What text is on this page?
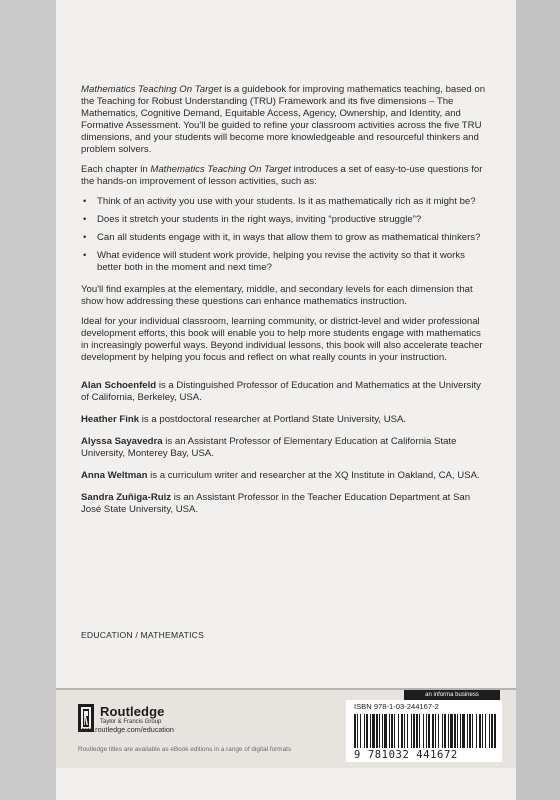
Mathematics Teaching On Target is a guidebook for improving mathematics teaching, based on the Teaching for Robust Understanding (TRU) Framework and its five dimensions – The Mathematics, Cognitive Demand, Equitable Access, Agency, Ownership, and Identity, and Formative Assessment. You'll be guided to refine your classroom activities across the five TRU dimensions, and your students will become more knowledgeable and resourceful thinkers and problem solvers.

Each chapter in Mathematics Teaching On Target introduces a set of easy-to-use questions for the hands-on improvement of lesson activities, such as:

• Think of an activity you use with your students. Is it as mathematically rich as it might be?
• Does it stretch your students in the right ways, inviting “productive struggle”?
• Can all students engage with it, in ways that allow them to grow as mathematical thinkers?
• What evidence will student work provide, helping you revise the activity so that it works better both in the moment and next time?

You'll find examples at the elementary, middle, and secondary levels for each dimension that show how addressing these questions can enhance mathematics instruction.

Ideal for your individual classroom, learning community, or district-level and wider professional development efforts, this book will enable you to help more students engage with mathematics in increasingly powerful ways. Beyond individual lessons, this book will also accelerate teacher development by helping you focus and reflect on what really counts in your instruction.

Alan Schoenfeld is a Distinguished Professor of Education and Mathematics at the University of California, Berkeley, USA.

Heather Fink is a postdoctoral researcher at Portland State University, USA.

Alyssa Sayavedra is an Assistant Professor of Elementary Education at California State University, Monterey Bay, USA.

Anna Weltman is a curriculum writer and researcher at the XQ Institute in Oakland, CA, USA.

Sandra Zuñiga-Ruiz is an Assistant Professor in the Teacher Education Department at San José State University, USA.

EDUCATION / MATHEMATICS
an informa business
Routledge
Taylor & Francis Group
www.routledge.com/education
Routledge titles are available as eBook editions in a range of digital formats
ISBN 978-1-03-244167-2
9 781032 441672
